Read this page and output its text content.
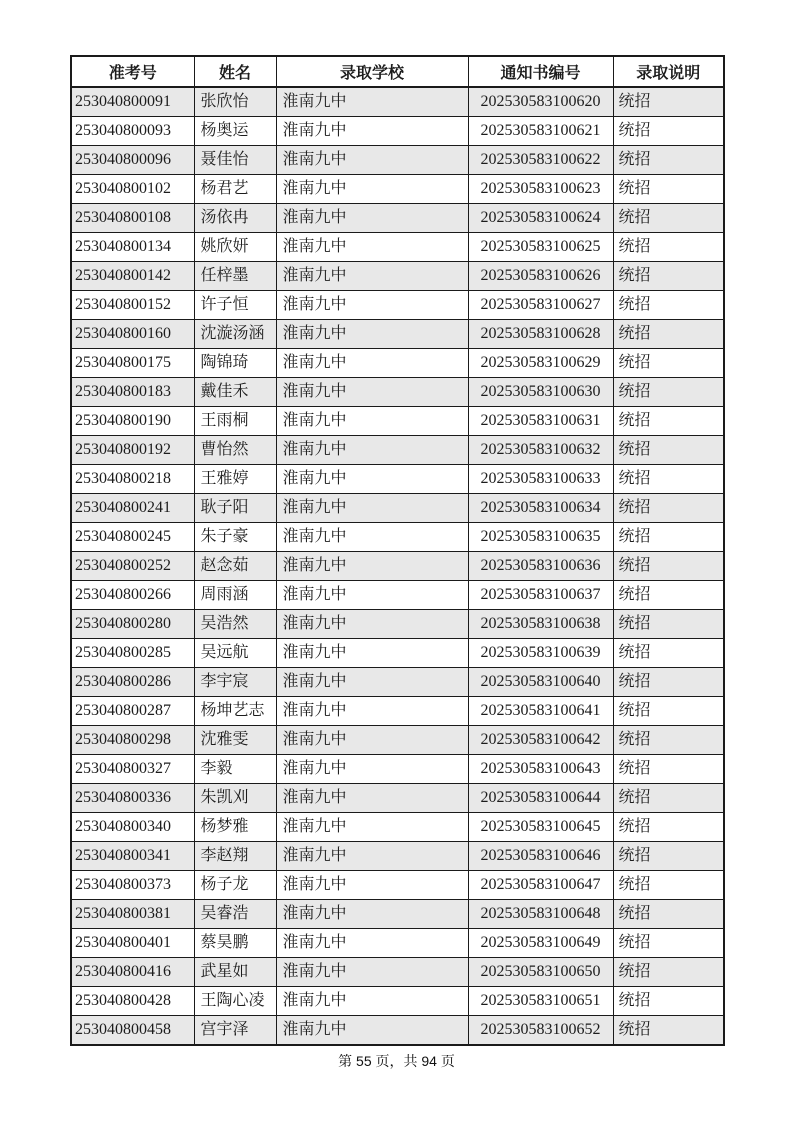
准考号	姓名	录取学校	通知书编号	录取说明
253040800091	张欣怡	淮南九中	202530583100620	统招
253040800093	杨奥运	淮南九中	202530583100621	统招
253040800096	聂佳怡	淮南九中	202530583100622	统招
253040800102	杨君艺	淮南九中	202530583100623	统招
253040800108	汤依冉	淮南九中	202530583100624	统招
253040800134	姚欣妍	淮南九中	202530583100625	统招
253040800142	任梓墨	淮南九中	202530583100626	统招
253040800152	许子恒	淮南九中	202530583100627	统招
253040800160	沈漩汤涵	淮南九中	202530583100628	统招
253040800175	陶锦琦	淮南九中	202530583100629	统招
253040800183	戴佳禾	淮南九中	202530583100630	统招
253040800190	王雨桐	淮南九中	202530583100631	统招
253040800192	曹怡然	淮南九中	202530583100632	统招
253040800218	王雅婷	淮南九中	202530583100633	统招
253040800241	耿子阳	淮南九中	202530583100634	统招
253040800245	朱子豪	淮南九中	202530583100635	统招
253040800252	赵念茹	淮南九中	202530583100636	统招
253040800266	周雨涵	淮南九中	202530583100637	统招
253040800280	吴浩然	淮南九中	202530583100638	统招
253040800285	吴远航	淮南九中	202530583100639	统招
253040800286	李宇宸	淮南九中	202530583100640	统招
253040800287	杨坤艺志	淮南九中	202530583100641	统招
253040800298	沈雅雯	淮南九中	202530583100642	统招
253040800327	李毅	淮南九中	202530583100643	统招
253040800336	朱凯刈	淮南九中	202530583100644	统招
253040800340	杨梦雅	淮南九中	202530583100645	统招
253040800341	李赵翔	淮南九中	202530583100646	统招
253040800373	杨子龙	淮南九中	202530583100647	统招
253040800381	吴睿浩	淮南九中	202530583100648	统招
253040800401	蔡昊鹏	淮南九中	202530583100649	统招
253040800416	武星如	淮南九中	202530583100650	统招
253040800428	王陶心凌	淮南九中	202530583100651	统招
253040800458	宫宇泽	淮南九中	202530583100652	统招
第 55 页，共 94 页
